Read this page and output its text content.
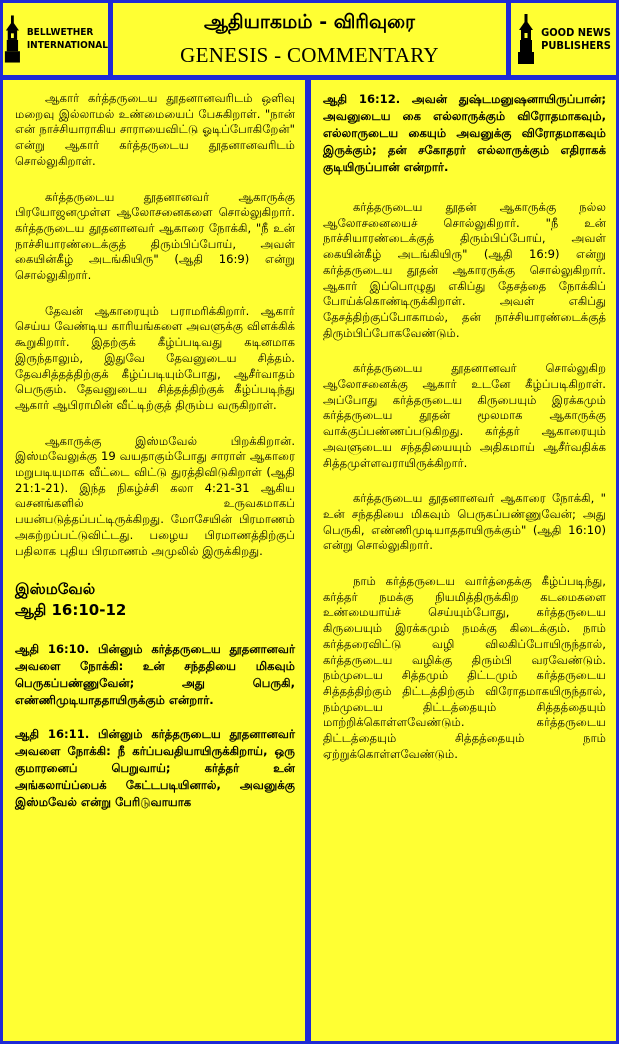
BELLWETHER
INTERNATIONAL
ஆதியாகமம் - விரிவுரை
GENESIS - COMMENTARY
GOOD NEWS
PUBLISHERS

ஆகார் கர்த்தருடைய தூதனானவரிடம் ஒளிவு மறைவு இல்லாமல் உண்மையைப் பேசுகிறாள். "நான் என் நாச்சியாராகிய சாராயைவிட்டு ஓடிப்போகிறேன்" என்று ஆகார் கர்த்தருடைய தூதனானவரிடம் சொல்லுகிறாள்.

கர்த்தருடைய தூதனானவர் ஆகாருக்கு பிரயோஜனமுள்ள ஆலோசனைகளை சொல்லுகிறார். கர்த்தருடைய தூதனானவர் ஆகாரை நோக்கி, "நீ உன் நாச்சியாரண்டைக்குத் திரும்பிப்போய், அவள் கையின்கீழ் அடங்கியிரு" (ஆதி 16:9) என்று சொல்லுகிறார்.

தேவன் ஆகாரையும் பராமரிக்கிறார். ஆகார் செய்ய வேண்டிய காரியங்களை அவளுக்கு விளக்கிக் கூறுகிறார். இதற்குக் கீழ்ப்படிவது கடினமாக இருந்தாலும், இதுவே தேவனுடைய சித்தம். தேவசித்தத்திற்குக் கீழ்ப்படியும்போது, ஆசீர்வாதம் பெருகும். தேவனுடைய சித்தத்திற்குக் கீழ்ப்படிந்து ஆகார் ஆபிராமின் வீட்டிற்குத் திரும்ப வருகிறாள்.

ஆகாருக்கு இஸ்மவேல் பிறக்கிறான். இஸ்மவேலுக்கு 19 வயதாகும்போது சாராள் ஆகாரை மறுபடியுமாக வீட்டை விட்டு துரத்திவிடுகிறாள் (ஆதி 21:1-21). இந்த நிகழ்ச்சி கலா 4:21-31 ஆகிய வசனங்களில் உருவகமாகப் பயன்படுத்தப்பட்டிருக்கிறது. மோசேயின் பிரமாணம் அகற்றப்பட்டுவிட்டது. பழைய பிரமாணத்திற்குப் பதிலாக புதிய பிரமாணம் அமுலில் இருக்கிறது.

இஸ்மவேல்
ஆதி 16:10-12

ஆதி 16:10. பின்னும் கர்த்தருடைய தூதனானவர் அவளை நோக்கி: உன் சந்ததியை மிகவும் பெருகப்பண்ணுவேன்; அது பெருகி, எண்ணிமுடியாததாயிருக்கும் என்றார்.

ஆதி 16:11. பின்னும் கர்த்தருடைய தூதனானவர் அவளை நோக்கி: நீ கர்ப்பவதியாயிருக்கிறாய், ஒரு குமாரனைப் பெறுவாய்; கர்த்தர் உன் அங்கலாய்ப்பைக் கேட்டபடியினால், அவனுக்கு இஸ்மவேல் என்று பேரிடுவாயாக

ஆதி 16:12. அவன் துஷ்டமனுஷனாயிருப்பான்; அவனுடைய கை எல்லாருக்கும் விரோதமாகவும், எல்லாருடைய கையும் அவனுக்கு விரோதமாகவும் இருக்கும்; தன் சகோதரர் எல்லாருக்கும் எதிராகக் குடியிருப்பான் என்றார்.

கர்த்தருடைய தூதன் ஆகாருக்கு நல்ல ஆலோசனையைச் சொல்லுகிறார். "நீ உன் நாச்சியாரண்டைக்குத் திரும்பிப்போய், அவள் கையின்கீழ் அடங்கியிரு" (ஆதி 16:9) என்று கர்த்தருடைய தூதன் ஆகாரருக்கு சொல்லுகிறார். ஆகார் இப்பொழுது எகிப்து தேசத்தை நோக்கிப் போய்க்கொண்டிருக்கிறாள். அவள் எகிப்து தேசத்திற்குப்போகாமல், தன் நாச்சியாரண்டைக்குத் திரும்பிப்போகவேண்டும்.

கர்த்தருடைய தூதனானவர் சொல்லுகிற ஆலோசனைக்கு ஆகார் உடனே கீழ்ப்படிகிறாள். அப்போது கர்த்தருடைய கிருபையும் இரக்கமும் கர்த்தருடைய தூதன் மூலமாக ஆகாருக்கு வாக்குப்பண்ணப்படுகிறது. கர்த்தர் ஆகாரையும் அவளுடைய சந்ததியையும் அதிகமாய் ஆசீர்வதிக்க சித்தமுள்ளவராயிருக்கிறார்.

கர்த்தருடைய தூதனானவர் ஆகாரை நோக்கி, " உன் சந்ததியை மிகவும் பெருகப்பண்ணுவேன்; அது பெருகி, எண்ணிமுடியாததாயிருக்கும்" (ஆதி 16:10) என்று சொல்லுகிறார்.

நாம் கர்த்தருடைய வார்த்தைக்கு கீழ்ப்படிந்து, கர்த்தர் நமக்கு நியமித்திருக்கிற கடமைகளை உண்மையாய்ச் செய்யும்போது, கர்த்தருடைய கிருபையும் இரக்கமும் நமக்கு கிடைக்கும். நாம் கர்த்தரைவிட்டு வழி விலகிப்போயிருந்தால், கர்த்தருடைய வழிக்கு திரும்பி வரவேண்டும். நம்முடைய சித்தமும் திட்டமும் கர்த்தருடைய சித்தத்திற்கும் திட்டத்திற்கும் விரோதமாகயிருந்தால், நம்முடைய திட்டத்தையும் சித்தத்தையும் மாற்றிக்கொள்ளவேண்டும். கர்த்தருடைய திட்டத்தையும் சித்தத்தையும் நாம் ஏற்றுக்கொள்ளவேண்டும்.
